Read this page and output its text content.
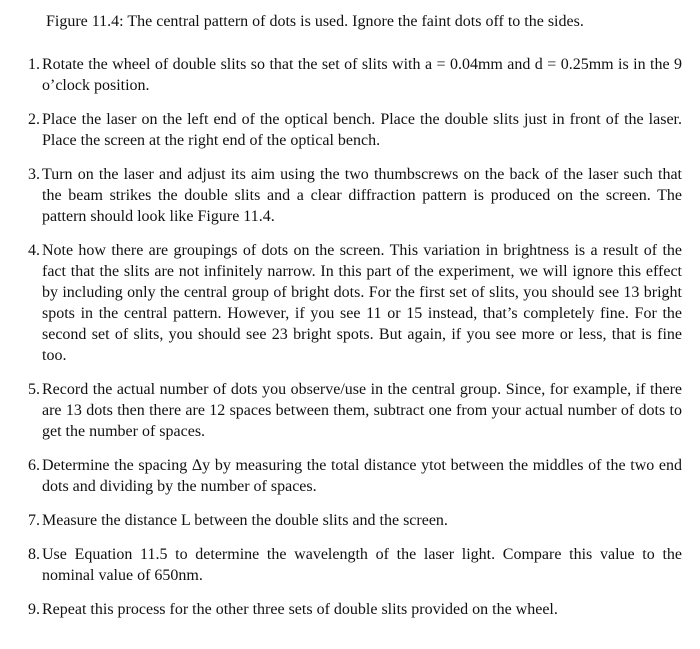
Figure 11.4: The central pattern of dots is used. Ignore the faint dots off to the sides.

1. Rotate the wheel of double slits so that the set of slits with a = 0.04mm and d = 0.25mm is in the 9 o’clock position.
2. Place the laser on the left end of the optical bench. Place the double slits just in front of the laser. Place the screen at the right end of the optical bench.
3. Turn on the laser and adjust its aim using the two thumbscrews on the back of the laser such that the beam strikes the double slits and a clear diffraction pattern is produced on the screen. The pattern should look like Figure 11.4.
4. Note how there are groupings of dots on the screen. This variation in brightness is a result of the fact that the slits are not infinitely narrow. In this part of the experiment, we will ignore this effect by including only the central group of bright dots. For the first set of slits, you should see 13 bright spots in the central pattern. However, if you see 11 or 15 instead, that’s completely fine. For the second set of slits, you should see 23 bright spots. But again, if you see more or less, that is fine too.
5. Record the actual number of dots you observe/use in the central group. Since, for example, if there are 13 dots then there are 12 spaces between them, subtract one from your actual number of dots to get the number of spaces.
6. Determine the spacing Δy by measuring the total distance ytot between the middles of the two end dots and dividing by the number of spaces.
7. Measure the distance L between the double slits and the screen.
8. Use Equation 11.5 to determine the wavelength of the laser light. Compare this value to the nominal value of 650nm.
9. Repeat this process for the other three sets of double slits provided on the wheel.
